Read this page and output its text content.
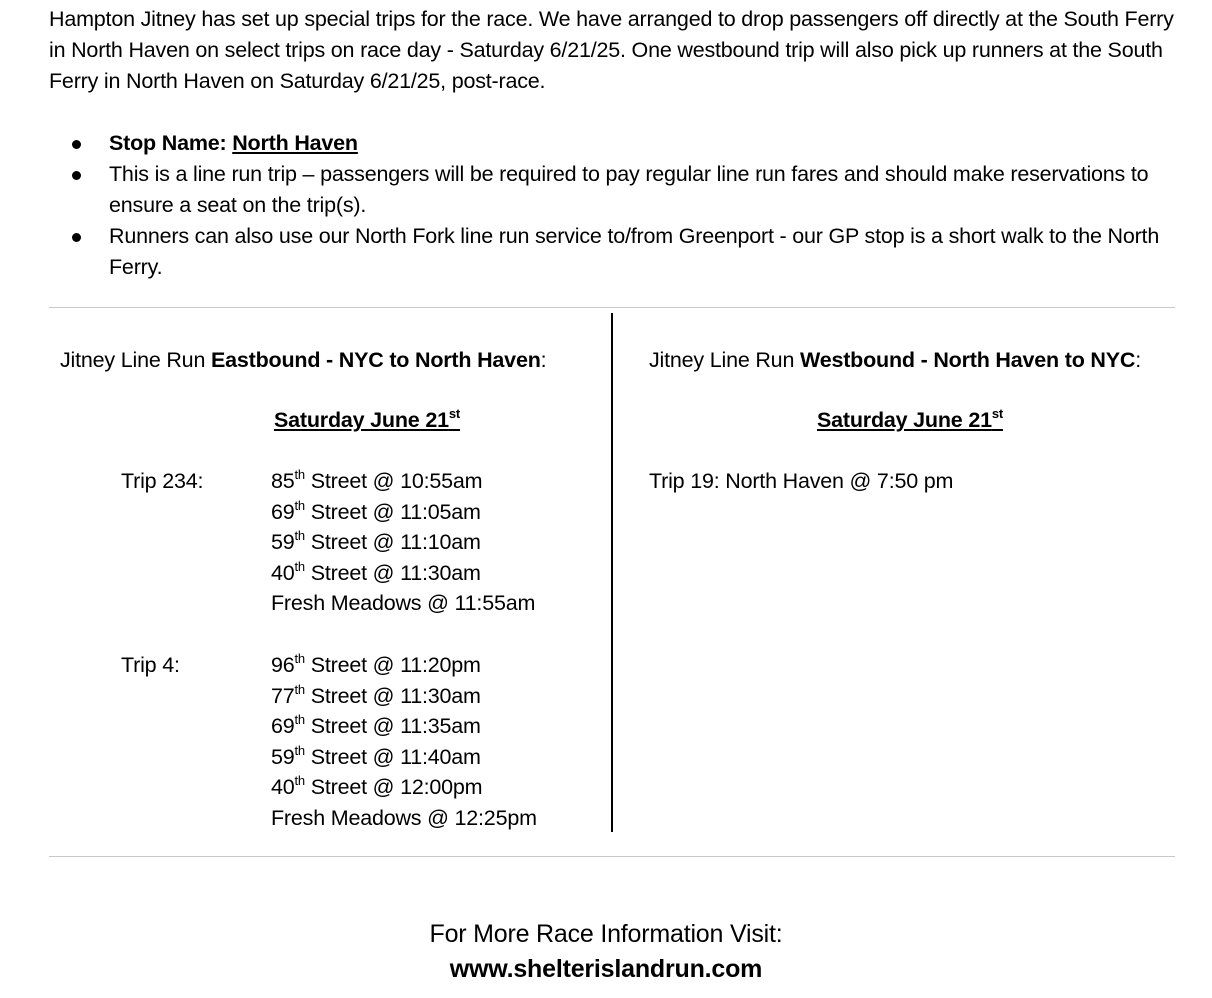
Hampton Jitney has set up special trips for the race. We have arranged to drop passengers off directly at the South Ferry in North Haven on select trips on race day - Saturday 6/21/25. One westbound trip will also pick up runners at the South Ferry in North Haven on Saturday 6/21/25, post-race.

Stop Name: North Haven
This is a line run trip – passengers will be required to pay regular line run fares and should make reservations to ensure a seat on the trip(s).
Runners can also use our North Fork line run service to/from Greenport - our GP stop is a short walk to the North Ferry.
Jitney Line Run Eastbound - NYC to North Haven:
Saturday June 21st
Trip 234:	85th Street @ 10:55am
69th Street @ 11:05am
59th Street @ 11:10am
40th Street @ 11:30am
Fresh Meadows @ 11:55am
Trip 4:	96th Street @ 11:20pm
77th Street @ 11:30am
69th Street @ 11:35am
59th Street @ 11:40am
40th Street @ 12:00pm
Fresh Meadows @ 12:25pm
Jitney Line Run Westbound - North Haven to NYC:
Saturday June 21st
Trip 19: North Haven @ 7:50 pm
For More Race Information Visit:
www.shelterislandrun.com
